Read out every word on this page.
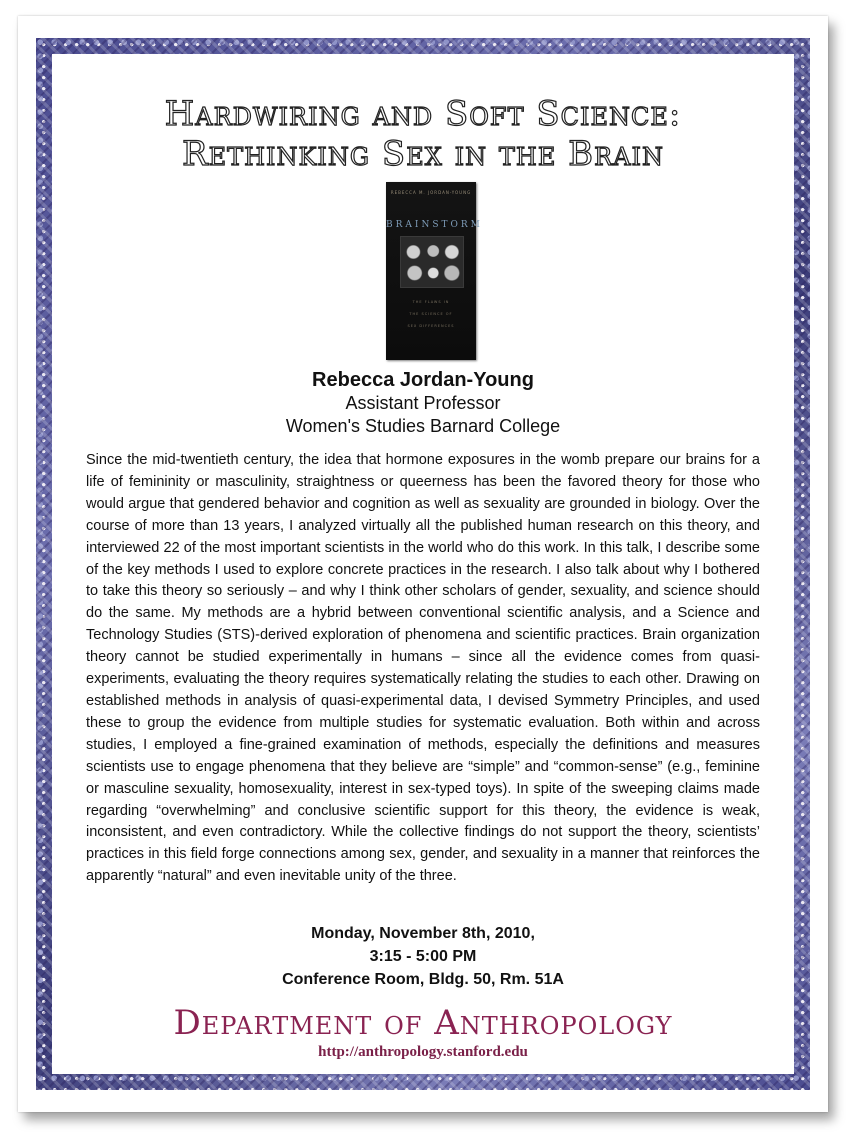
Hardwiring and Soft Science:
Rethinking Sex in the Brain
REBECCA M. JORDAN-YOUNG
BRAINSTORM
THE FLAWS IN
THE SCIENCE OF
SEX DIFFERENCES
Rebecca Jordan-Young
Assistant Professor
Women's Studies Barnard College

Since the mid-twentieth century, the idea that hormone exposures in the womb prepare our brains for a life of femininity or masculinity, straightness or queerness has been the favored theory for those who would argue that gendered behavior and cognition as well as sexuality are grounded in biology. Over the course of more than 13 years, I analyzed virtually all the published human research on this theory, and interviewed 22 of the most important scientists in the world who do this work. In this talk, I describe some of the key methods I used to explore concrete practices in the research. I also talk about why I bothered to take this theory so seriously – and why I think other scholars of gender, sexuality, and science should do the same. My methods are a hybrid between conventional scientific analysis, and a Science and Technology Studies (STS)-derived exploration of phenomena and scientific practices. Brain organization theory cannot be studied experimentally in humans – since all the evidence comes from quasi-experiments, evaluating the theory requires systematically relating the studies to each other. Drawing on established methods in analysis of quasi-experimental data, I devised Symmetry Principles, and used these to group the evidence from multiple studies for systematic evaluation. Both within and across studies, I employed a fine-grained examination of methods, especially the definitions and measures scientists use to engage phenomena that they believe are “simple” and “common-sense” (e.g., feminine or masculine sexuality, homosexuality, interest in sex-typed toys). In spite of the sweeping claims made regarding “overwhelming” and conclusive scientific support for this theory, the evidence is weak, inconsistent, and even contradictory. While the collective findings do not support the theory, scientists’ practices in this field forge connections among sex, gender, and sexuality in a manner that reinforces the apparently “natural” and even inevitable unity of the three.

Monday, November 8th, 2010,
3:15 - 5:00 PM
Conference Room, Bldg. 50, Rm. 51A
Department of Anthropology
http://anthropology.stanford.edu
